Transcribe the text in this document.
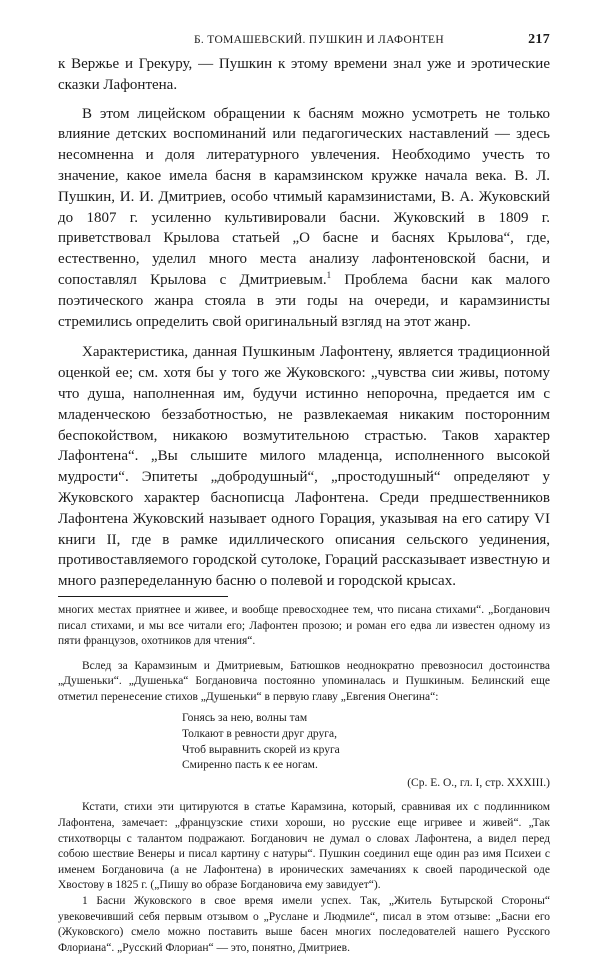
Б. ТОМАШЕВСКИЙ. ПУШКИН И ЛАФОНТЕН	217

к Вержье и Грекуру, — Пушкин к этому времени знал уже и эротические сказки Лафонтена.

В этом лицейском обращении к басням можно усмотреть не только влияние детских воспоминаний или педагогических наставлений — здесь несомненна и доля литературного увлечения. Необходимо учесть то значение, какое имела басня в карамзинском кружке начала века. В. Л. Пушкин, И. И. Дмитриев, особо чтимый карамзинистами, В. А. Жуковский до 1807 г. усиленно культивировали басни. Жуковский в 1809 г. приветствовал Крылова статьей „О басне и баснях Крылова“, где, естественно, уделил много места анализу лафонтеновской басни, и сопоставлял Крылова с Дмитриевым.$^1$ Проблема басни как малого поэтического жанра стояла в эти годы на очереди, и карамзинисты стремились определить свой оригинальный взгляд на этот жанр.

Характеристика, данная Пушкиным Лафонтену, является традиционной оценкой ее; см. хотя бы у того же Жуковского: „чувства сии живы, потому что душа, наполненная им, будучи истинно непорочна, предается им с младенческою беззаботностью, не развлекаемая никаким посторонним беспокойством, никакою возмутительною страстью. Таков характер Лафонтена“. „Вы слышите милого младенца, исполненного высокой мудрости“. Эпитеты „добродушный“, „простодушный“ определяют у Жуковского характер баснописца Лафонтена. Среди предшественников Лафонтена Жуковский называет одного Горация, указывая на его сатиру VI книги II, где в рамке идиллического описания сельского уединения, противоставляемого городской сутолоке, Гораций рассказывает известную и много разпеределанную басню о полевой и городской крысах.

многих местах приятнее и живее, и вообще превосходнее тем, что писана стихами“. „Богданович писал стихами, и мы все читали его; Лафонтен прозою; и роман его едва ли известен одному из пяти французов, охотников для чтения“.

Вслед за Карамзиным и Дмитриевым, Батюшков неоднократно превозносил достоинства „Душеньки“. „Душенька“ Богдановича постоянно упоминалась и Пушкиным. Белинский еще отметил перенесение стихов „Душеньки“ в первую главу „Евгения Онегина“:

Гонясь за нею, волны там
Толкают в ревности друг друга,
Чтоб выравнить скорей из круга
Смиренно пасть к ее ногам.
(Ср. Е. О., гл. I, стр. XXXIII.)

Кстати, стихи эти цитируются в статье Карамзина, который, сравнивая их с подлинником Лафонтена, замечает: „французские стихи хороши, но русские еще игривее и живей“. „Так стихотворцы с талантом подражают. Богданович не думал о словах Лафонтена, а видел перед собою шествие Венеры и писал картину с натуры“. Пушкин соединил еще один раз имя Психеи с именем Богдановича (а не Лафонтена) в иронических замечаниях к своей пародической оде Хвостову в 1825 г. („Пишу во образе Богдановича ему завидует“).

1 Басни Жуковского в свое время имели успех. Так, „Житель Бутырской Стороны“ увековечивший себя первым отзывом о „Руслане и Людмиле“, писал в этом отзыве: „Басни его (Жуковского) смело можно поставить выше басен многих последователей нашего Русского Флориана“. „Русский Флориан“ — это, понятно, Дмитриев.
